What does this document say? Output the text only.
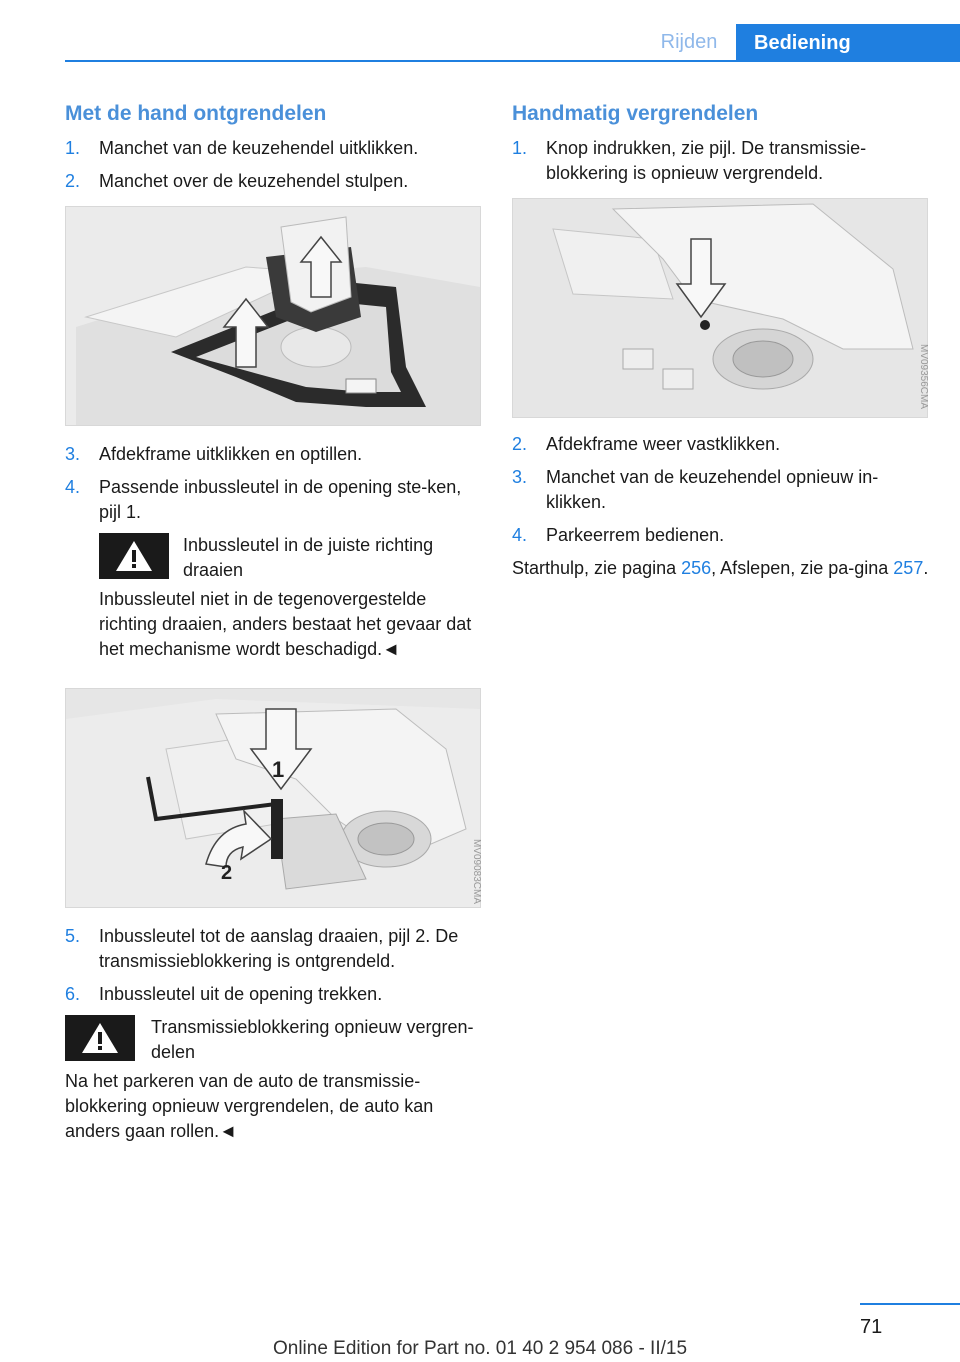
Rijden	Bediening
Met de hand ontgrendelen
1.	Manchet van de keuzehendel uitklikken.
2.	Manchet over de keuzehendel stulpen.
3.	Afdekframe uitklikken en optillen.
4.	Passende inbussleutel in de opening ste-ken, pijl 1.
Inbussleutel in de juiste richting draaien

Inbussleutel niet in de tegenovergestelde richting draaien, anders bestaat het gevaar dat het mechanisme wordt beschadigd.◄

1
2	MV09083CMA
5.	Inbussleutel tot de aanslag draaien, pijl 2. De transmissieblokkering is ontgrendeld.
6.	Inbussleutel uit de opening trekken.
Transmissieblokkering opnieuw vergren-delen

Na het parkeren van de auto de transmissie-blokkering opnieuw vergrendelen, de auto kan anders gaan rollen.◄

Handmatig vergrendelen
1.	Knop indrukken, zie pijl. De transmissie-blokkering is opnieuw vergrendeld.
MV09356CMA
2.	Afdekframe weer vastklikken.
3.	Manchet van de keuzehendel opnieuw in-klikken.
4.	Parkeerrem bedienen.

Starthulp, zie pagina 256, Afslepen, zie pa-gina 257.

71
Online Edition for Part no. 01 40 2 954 086 - II/15
